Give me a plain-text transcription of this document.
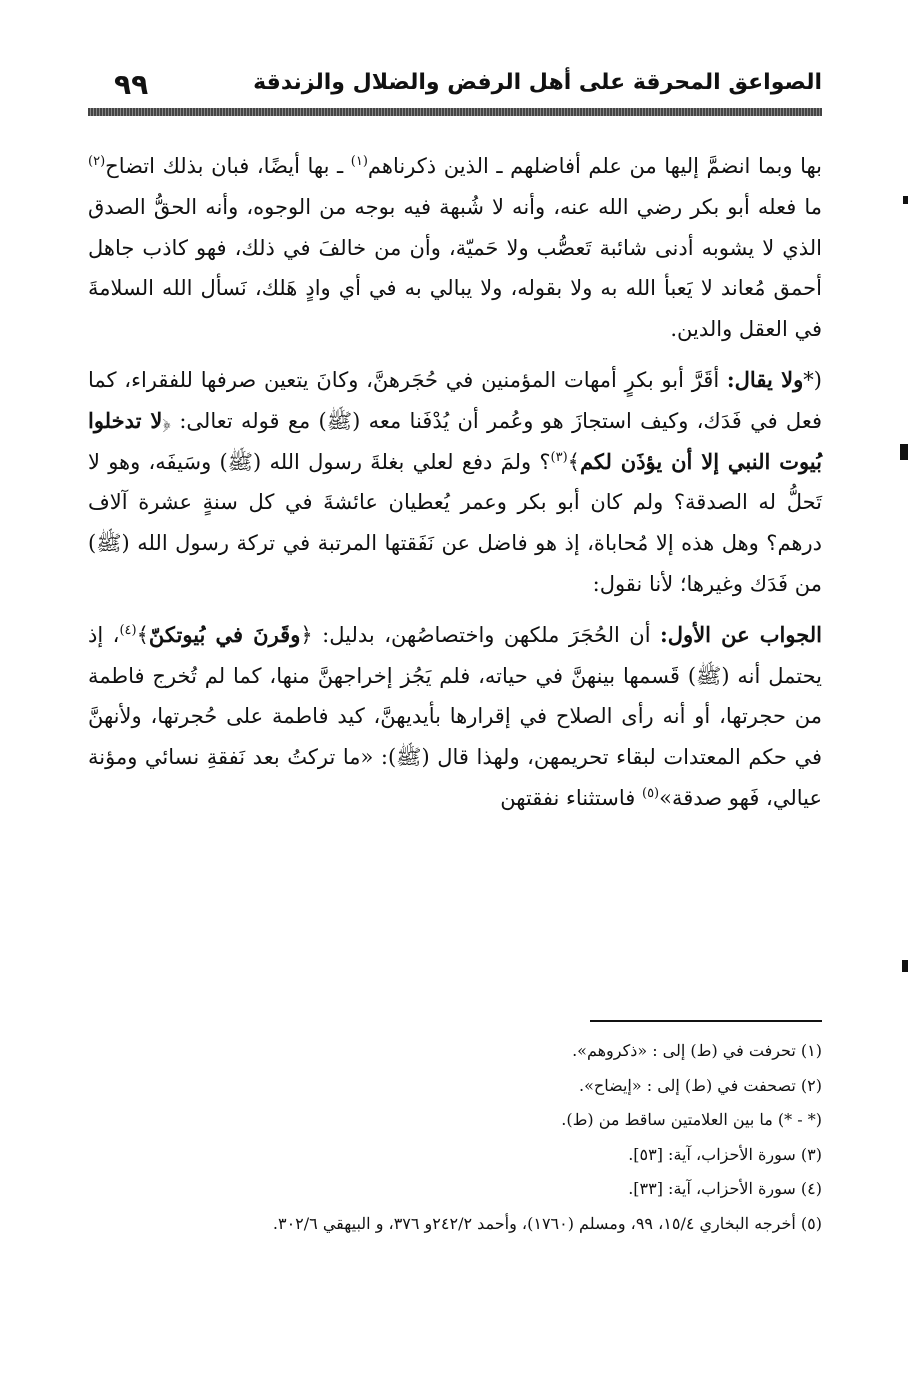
الصواعق المحرقة على أهل الرفض والضلال والزندقة
٩٩

بها وبما انضمَّ إليها من علم أفاضلهم ـ الذين ذكرناهم$^{(١)}$ ـ بها أيضًا، فبان بذلك اتضاح$^{(٢)}$ ما فعله أبو بكر رضي الله عنه، وأنه لا شُبهة فيه بوجه من الوجوه، وأنه الحقُّ الصدق الذي لا يشوبه أدنى شائبة تَعصُّب ولا حَميّة، وأن من خالفَ في ذلك، فهو كاذب جاهل أحمق مُعاند لا يَعبأ الله به ولا بقوله، ولا يبالي به في أي وادٍ هَلك، نَسأل الله السلامةَ في العقل والدين.

(*ولا يقال: أقَرَّ أبو بكرٍ أمهات المؤمنين في حُجَرهنَّ، وكانَ يتعين صرفها للفقراء، كما فعل في فَدَك، وكيف استجازَ هو وعُمر أن يُدْفَنا معه (ﷺ) مع قوله تعالى: ﴿لا تدخلوا بُيوت النبي إلا أن يؤذَن لكم﴾$^{(٣)}$؟ ولمَ دفع لعلي بغلةَ رسول الله (ﷺ) وسَيفَه، وهو لا تَحلُّ له الصدقة؟ ولم كان أبو بكر وعمر يُعطيان عائشةَ في كل سنةٍ عشرة آلاف درهم؟ وهل هذه إلا مُحاباة، إذ هو فاضل عن نَفَقتها المرتبة في تركة رسول الله (ﷺ) من فَدَك وغيرها؛ لأنا نقول:

الجواب عن الأول: أن الحُجَرَ ملكهن واختصاصُهن، بدليل: ﴿وقَرنَ في بُيوتكنّ﴾$^{(٤)}$، إذ يحتمل أنه (ﷺ) قَسمها بينهنَّ في حياته، فلم يَجُز إخراجهنَّ منها، كما لم تُخرج فاطمة من حجرتها، أو أنه رأى الصلاح في إقرارها بأيديهنَّ، كيد فاطمة على حُجرتها، ولأنهنَّ في حكم المعتدات لبقاء تحريمهن، ولهذا قال (ﷺ): «ما تركتُ بعد نَفقةِ نسائي ومؤنة عيالي، فَهو صدقة»$^{(٥)}$ فاستثناء نفقتهن

(١) تحرفت في (ط) إلى : «ذكروهم».
(٢) تصحفت في (ط) إلى : «إيضاح».
(* - *) ما بين العلامتين ساقط من (ط).
(٣) سورة الأحزاب، آية: [٥٣].
(٤) سورة الأحزاب، آية: [٣٣].
(٥) أخرجه البخاري ١٥/٤، ٩٩، ومسلم (١٧٦٠)، وأحمد ٢٤٢/٢و ٣٧٦، و البيهقي ٣٠٢/٦.
